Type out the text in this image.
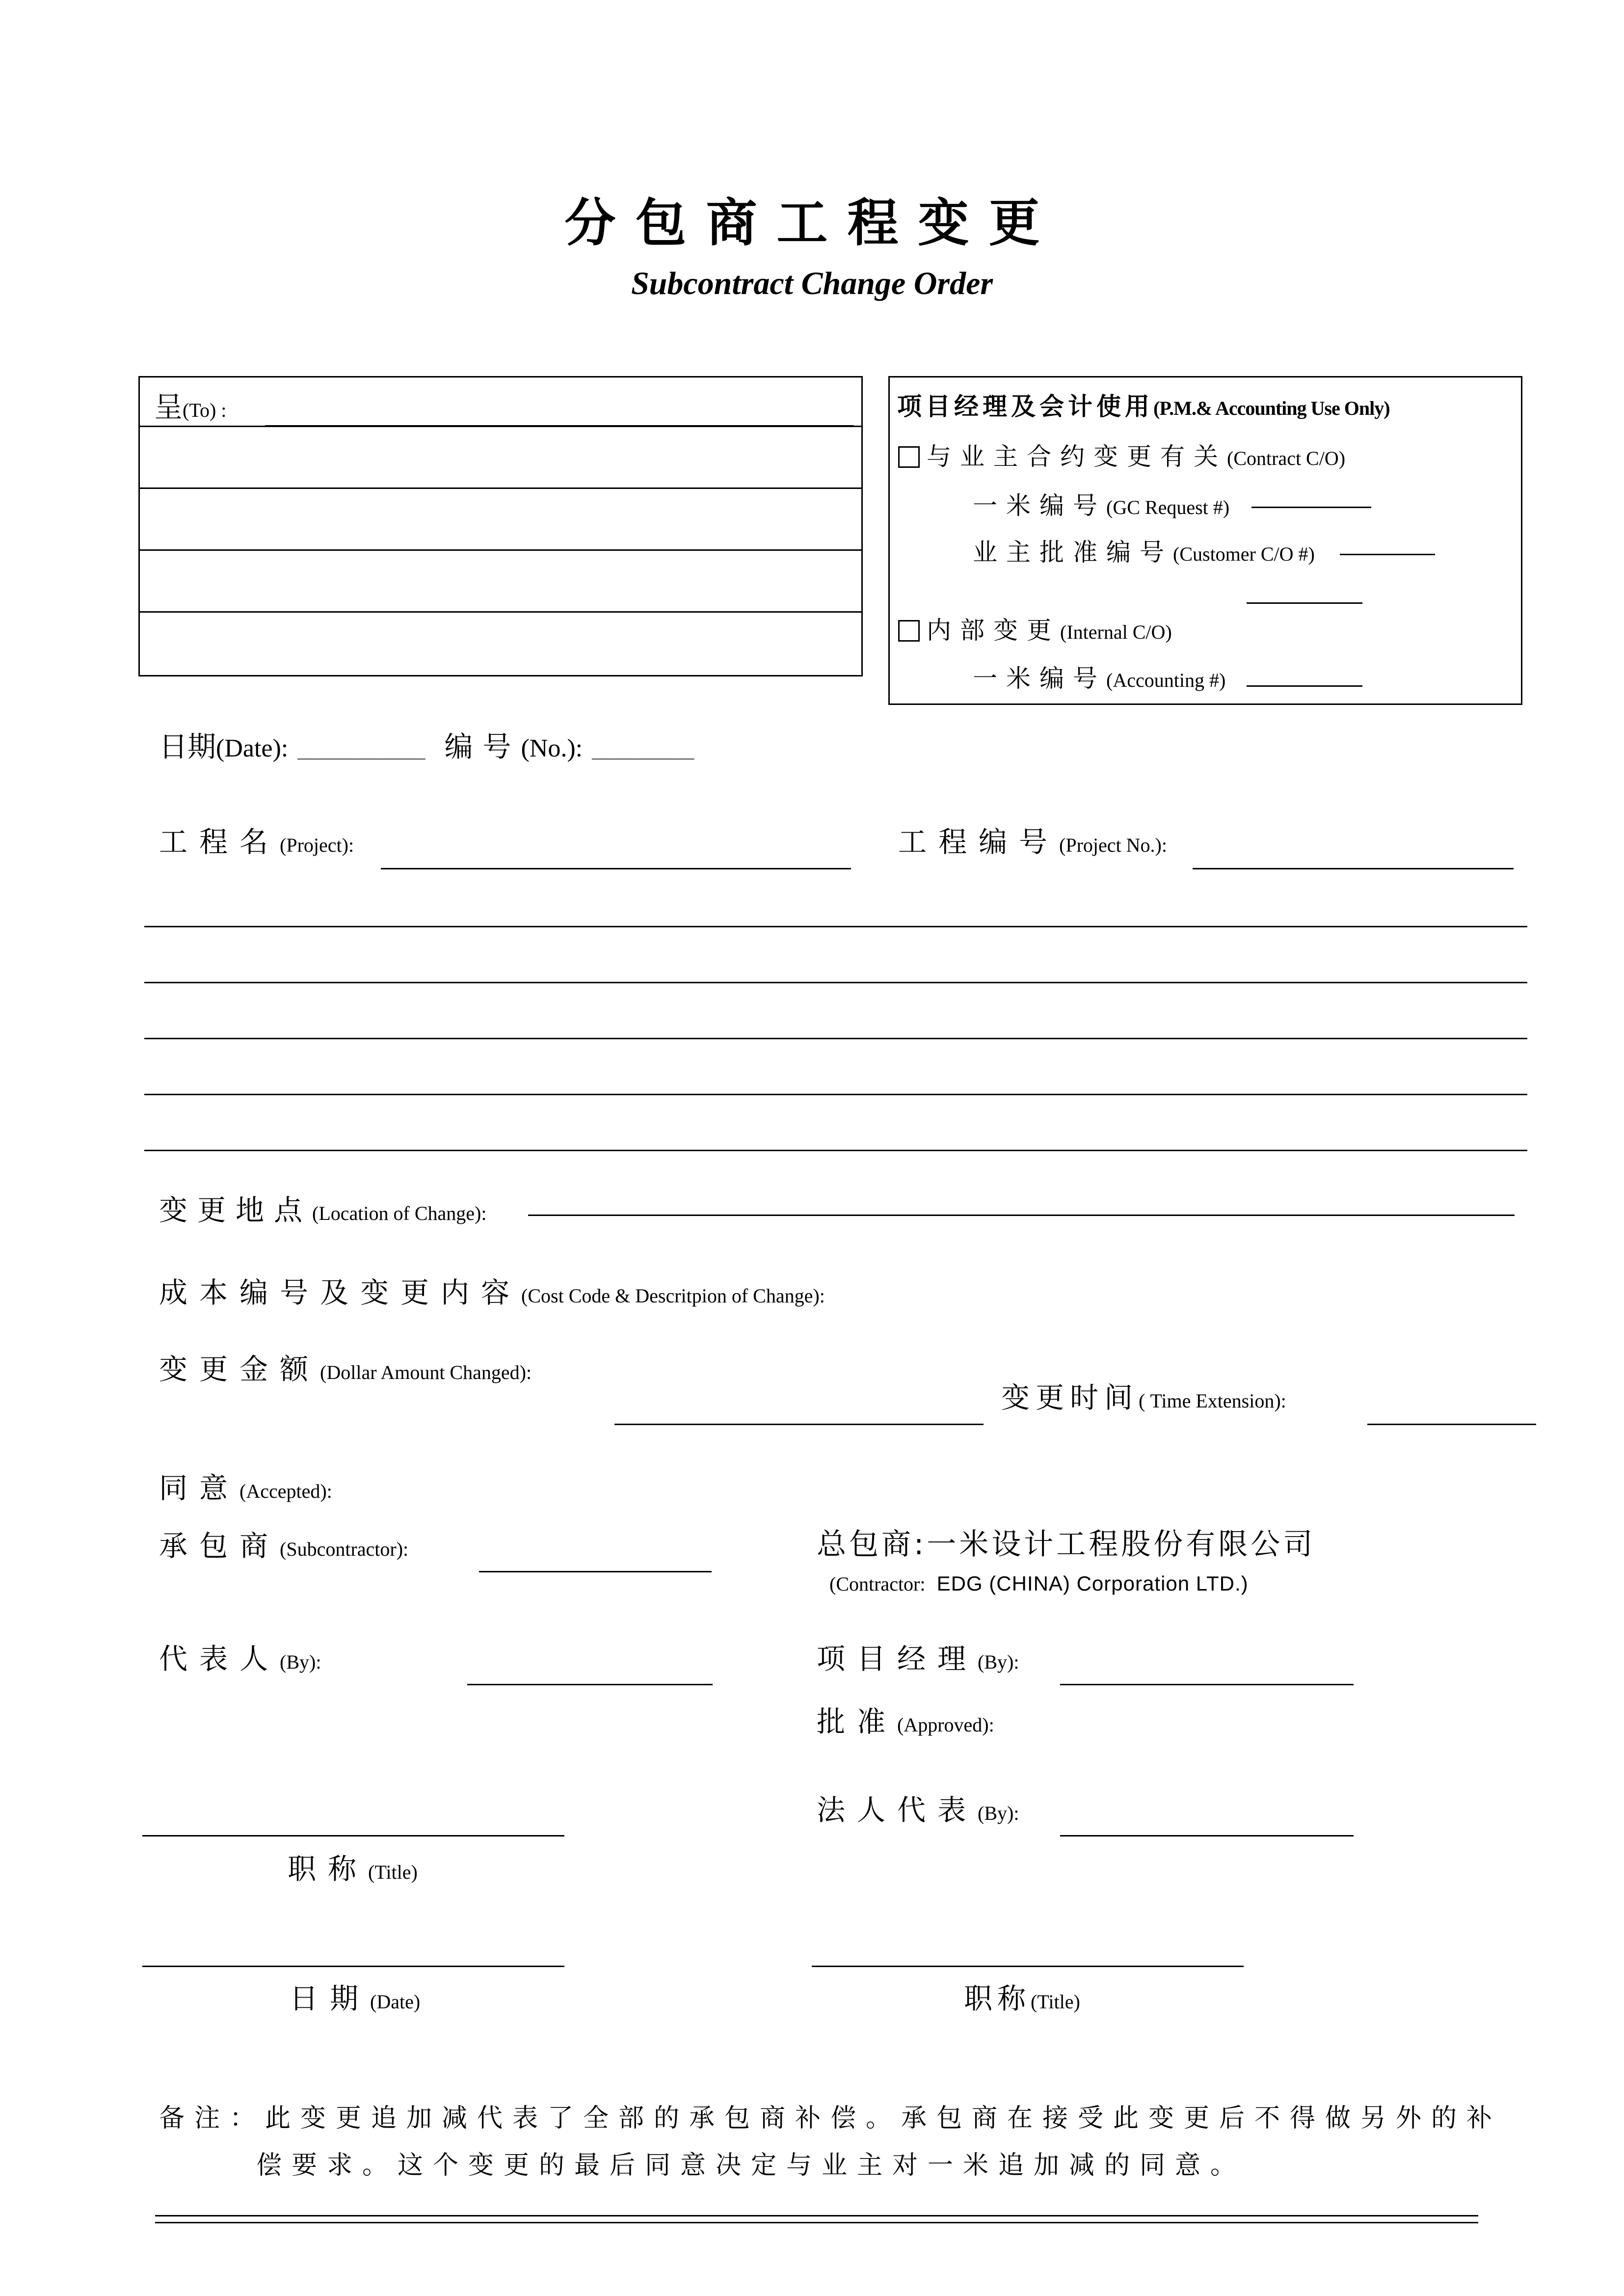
分包商工程变更
Subcontract Change Order
呈(To) :	项目经理及会计使用(P.M.& Accounting Use Only)
与业主合约变更有关(Contract C/O)
一米编号(GC Request #)
业主批准编号(Customer C/O #)
内部变更(Internal C/O)
一米编号(Accounting #)
日期(Date): __________ 编号(No.): ________
工程名(Project):	工程编号(Project No.):
变更地点(Location of Change):
成本编号及变更内容(Cost Code & Descritpion of Change):
变更金额(Dollar Amount Changed):
变更时间( Time Extension):
同意(Accepted):
承包商(Subcontractor):	总包商:一米设计工程股份有限公司
(Contractor: EDG (CHINA) Corporation LTD.)
代表人(By):	项目经理(By):
批准(Approved):
法人代表(By):
职称(Title)
日期(Date)	职称(Title)
备注：此变更追加减代表了全部的承包商补偿。承包商在接受此变更后不得做另外的补
偿要求。这个变更的最后同意决定与业主对一米追加减的同意。
